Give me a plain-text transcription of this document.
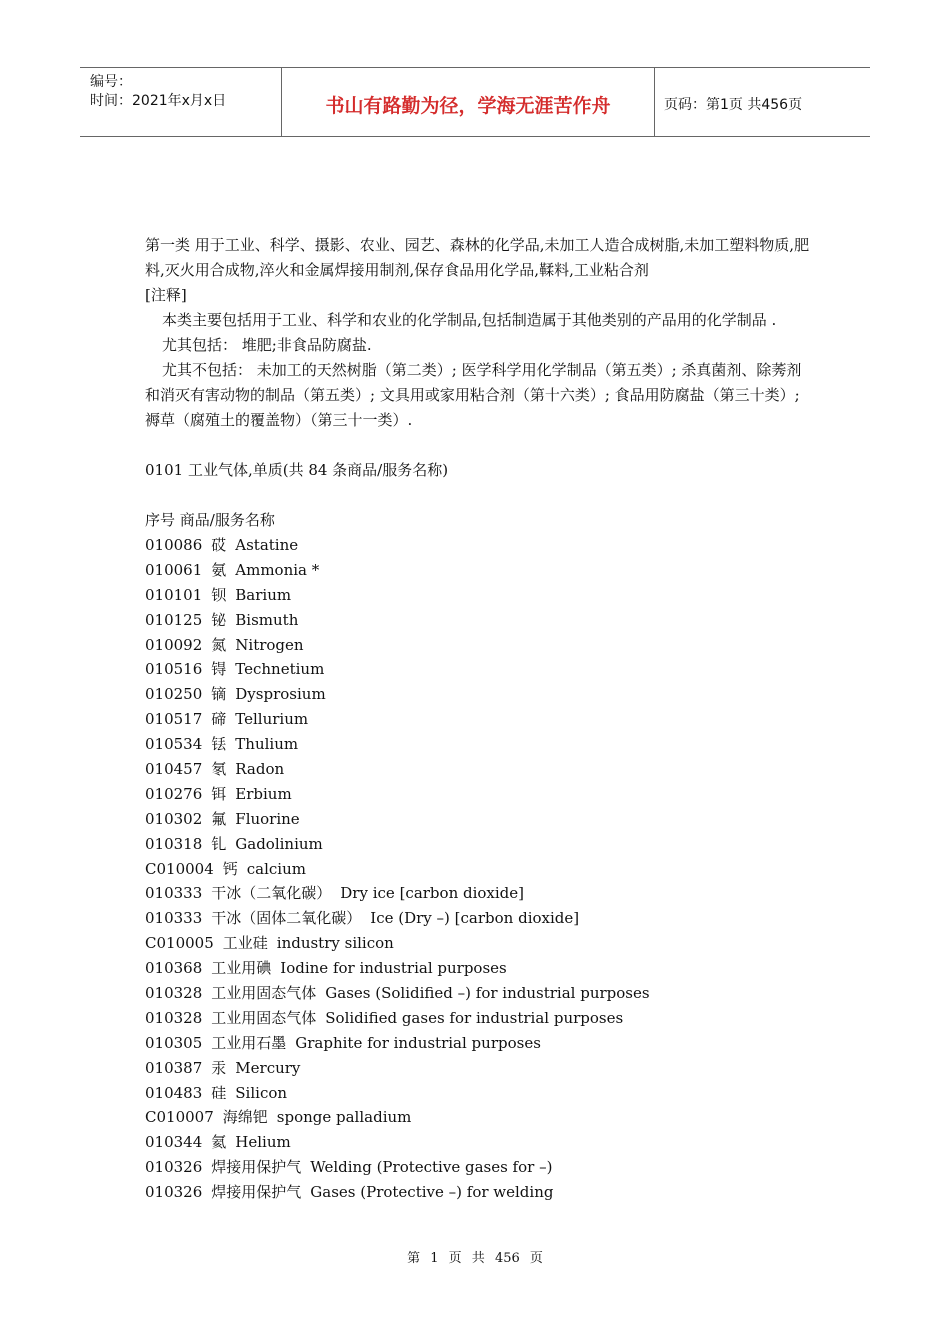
编号：
时间：2021年x月x日	书山有路勤为径，学海无涯苦作舟	页码：第1页 共456页

第一类 用于工业、科学、摄影、农业、园艺、森林的化学品,未加工人造合成树脂,未加工塑料物质,肥料,灭火用合成物,淬火和金属焊接用制剂,保存食品用化学品,鞣料,工业粘合剂

[注释]

本类主要包括用于工业、科学和农业的化学制品,包括制造属于其他类别的产品用的化学制品 .

尤其包括： 堆肥;非食品防腐盐.

尤其不包括： 未加工的天然树脂（第二类）; 医学科学用化学制品（第五类）; 杀真菌剂、除莠剂和消灭有害动物的制品（第五类）; 文具用或家用粘合剂（第十六类）; 食品用防腐盐（第三十类）; 褥草（腐殖土的覆盖物）（第三十一类）.

0101 工业气体,单质(共 84 条商品/服务名称)

序号 商品/服务名称

010086 砹 Astatine
010061 氨 Ammonia *
010101 钡 Barium
010125 铋 Bismuth
010092 氮 Nitrogen
010516 锝 Technetium
010250 镝 Dysprosium
010517 碲 Tellurium
010534 铥 Thulium
010457 氡 Radon
010276 铒 Erbium
010302 氟 Fluorine
010318 钆 Gadolinium
C010004 钙 calcium
010333 干冰（二氧化碳） Dry ice [carbon dioxide]
010333 干冰（固体二氧化碳） Ice (Dry –) [carbon dioxide]
C010005 工业硅 industry silicon
010368 工业用碘 Iodine for industrial purposes
010328 工业用固态气体 Gases (Solidified –) for industrial purposes
010328 工业用固态气体 Solidified gases for industrial purposes
010305 工业用石墨 Graphite for industrial purposes
010387 汞 Mercury
010483 硅 Silicon
C010007 海绵钯 sponge palladium
010344 氦 Helium
010326 焊接用保护气 Welding (Protective gases for –)
010326 焊接用保护气 Gases (Protective –) for welding
第 1 页 共 456 页
